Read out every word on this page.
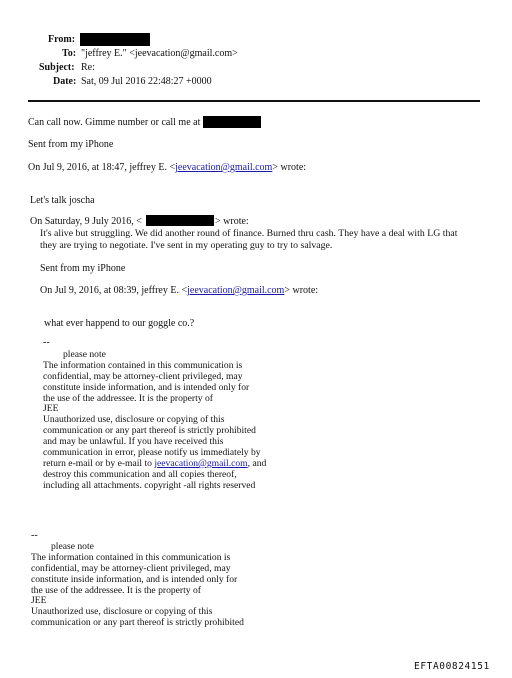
From:
To: "jeffrey E." <jeevacation@gmail.com>
Subject: Re:
Date: Sat, 09 Jul 2016 22:48:27 +0000
Can call now. Gimme number or call me at
Sent from my iPhone
On Jul 9, 2016, at 18:47, jeffrey E. <jeevacation@gmail.com> wrote:
Let's talk joscha
On Saturday, 9 July 2016, <	> wrote:
It's alive but struggling. We did another round of finance. Burned thru cash. They have a deal with LG that
they are trying to negotiate. I've sent in my operating guy to try to salvage.
Sent from my iPhone
On Jul 9, 2016, at 08:39, jeffrey E. <jeevacation@gmail.com> wrote:
what ever happend to our goggle co.?
--
please note
The information contained in this communication is
confidential, may be attorney-client privileged, may
constitute inside information, and is intended only for
the use of the addressee. It is the property of
JEE
Unauthorized use, disclosure or copying of this
communication or any part thereof is strictly prohibited
and may be unlawful. If you have received this
communication in error, please notify us immediately by
return e-mail or by e-mail to jeevacation@gmail.com, and
destroy this communication and all copies thereof,
including all attachments. copyright -all rights reserved
--
please note
The information contained in this communication is
confidential, may be attorney-client privileged, may
constitute inside information, and is intended only for
the use of the addressee. It is the property of
JEE
Unauthorized use, disclosure or copying of this
communication or any part thereof is strictly prohibited
EFTA00824151
